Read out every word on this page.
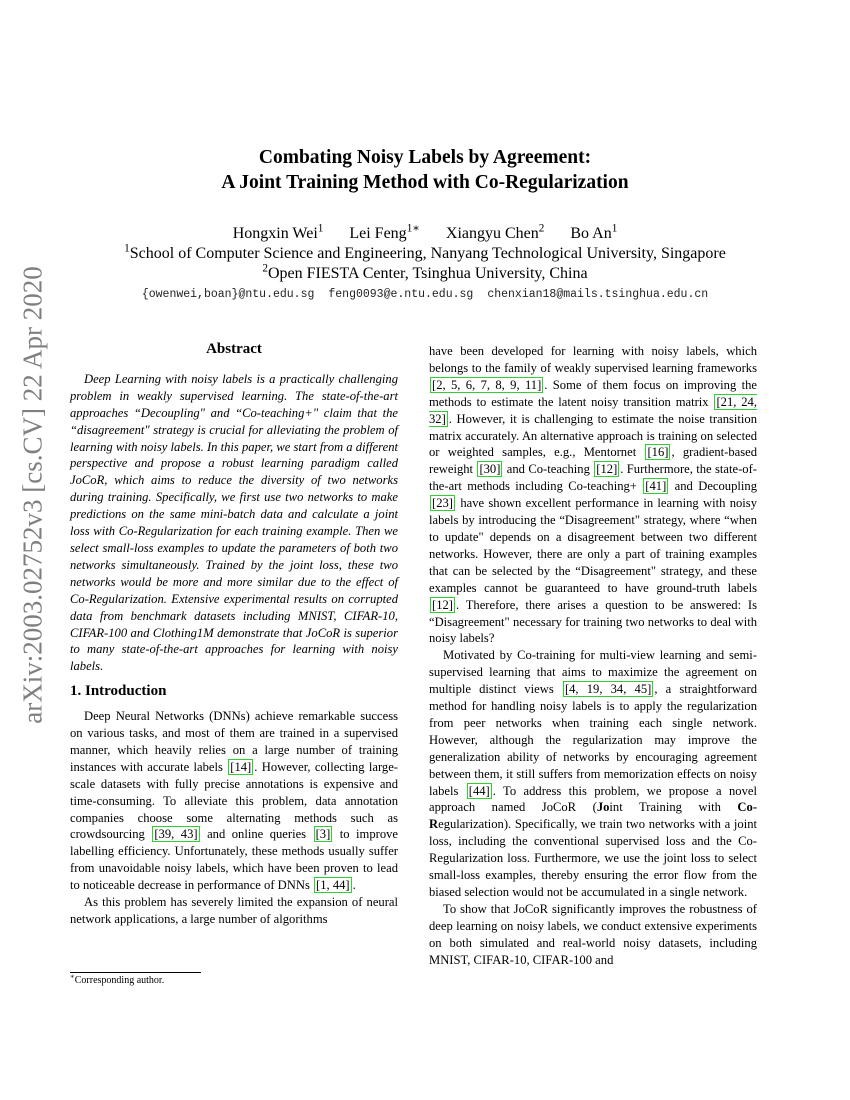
arXiv:2003.02752v3 [cs.CV] 22 Apr 2020
Combating Noisy Labels by Agreement:
A Joint Training Method with Co-Regularization
Hongxin Wei$^1$ Lei Feng$^{1∗}$ Xiangyu Chen$^2$ Bo An$^1$
$^1$School of Computer Science and Engineering, Nanyang Technological University, Singapore
$^2$Open FIESTA Center, Tsinghua University, China
{owenwei,boan}@ntu.edu.sg feng0093@e.ntu.edu.sg chenxian18@mails.tsinghua.edu.cn

Abstract

Deep Learning with noisy labels is a practically challenging problem in weakly supervised learning. The state-of-the-art approaches “Decoupling" and “Co-teaching+" claim that the “disagreement" strategy is crucial for alleviating the problem of learning with noisy labels. In this paper, we start from a different perspective and propose a robust learning paradigm called JoCoR, which aims to reduce the diversity of two networks during training. Specifically, we first use two networks to make predictions on the same mini-batch data and calculate a joint loss with Co-Regularization for each training example. Then we select small-loss examples to update the parameters of both two networks simultaneously. Trained by the joint loss, these two networks would be more and more similar due to the effect of Co-Regularization. Extensive experimental results on corrupted data from benchmark datasets including MNIST, CIFAR-10, CIFAR-100 and Clothing1M demonstrate that JoCoR is superior to many state-of-the-art approaches for learning with noisy labels.

1. Introduction

Deep Neural Networks (DNNs) achieve remarkable success on various tasks, and most of them are trained in a supervised manner, which heavily relies on a large number of training instances with accurate labels [14] . However, collecting large-scale datasets with fully precise annotations is expensive and time-consuming. To alleviate this problem, data annotation companies choose some alternating methods such as crowdsourcing [39, 43] and online queries [3] to improve labelling efficiency. Unfortunately, these methods usually suffer from unavoidable noisy labels, which have been proven to lead to noticeable decrease in performance of DNNs [1, 44] .

As this problem has severely limited the expansion of neural network applications, a large number of algorithms

∗Corresponding author.

have been developed for learning with noisy labels, which belongs to the family of weakly supervised learning frameworks [2, 5, 6, 7, 8, 9, 11] . Some of them focus on improving the methods to estimate the latent noisy transition matrix [21, 24, 32] . However, it is challenging to estimate the noise transition matrix accurately. An alternative approach is training on selected or weighted samples, e.g., Mentornet [16] , gradient-based reweight [30] and Co-teaching [12] . Furthermore, the state-of-the-art methods including Co-teaching+ [41] and Decoupling [23] have shown excellent performance in learning with noisy labels by introducing the “Disagreement" strategy, where “when to update" depends on a disagreement between two different networks. However, there are only a part of training examples that can be selected by the “Disagreement" strategy, and these examples cannot be guaranteed to have ground-truth labels [12] . Therefore, there arises a question to be answered: Is “Disagreement" necessary for training two networks to deal with noisy labels?

Motivated by Co-training for multi-view learning and semi-supervised learning that aims to maximize the agreement on multiple distinct views [4, 19, 34, 45] , a straightforward method for handling noisy labels is to apply the regularization from peer networks when training each single network. However, although the regularization may improve the generalization ability of networks by encouraging agreement between them, it still suffers from memorization effects on noisy labels [44] . To address this problem, we propose a novel approach named JoCoR (Joint Training with Co-Regularization). Specifically, we train two networks with a joint loss, including the conventional supervised loss and the Co-Regularization loss. Furthermore, we use the joint loss to select small-loss examples, thereby ensuring the error flow from the biased selection would not be accumulated in a single network.

To show that JoCoR significantly improves the robustness of deep learning on noisy labels, we conduct extensive experiments on both simulated and real-world noisy datasets, including MNIST, CIFAR-10, CIFAR-100 and
